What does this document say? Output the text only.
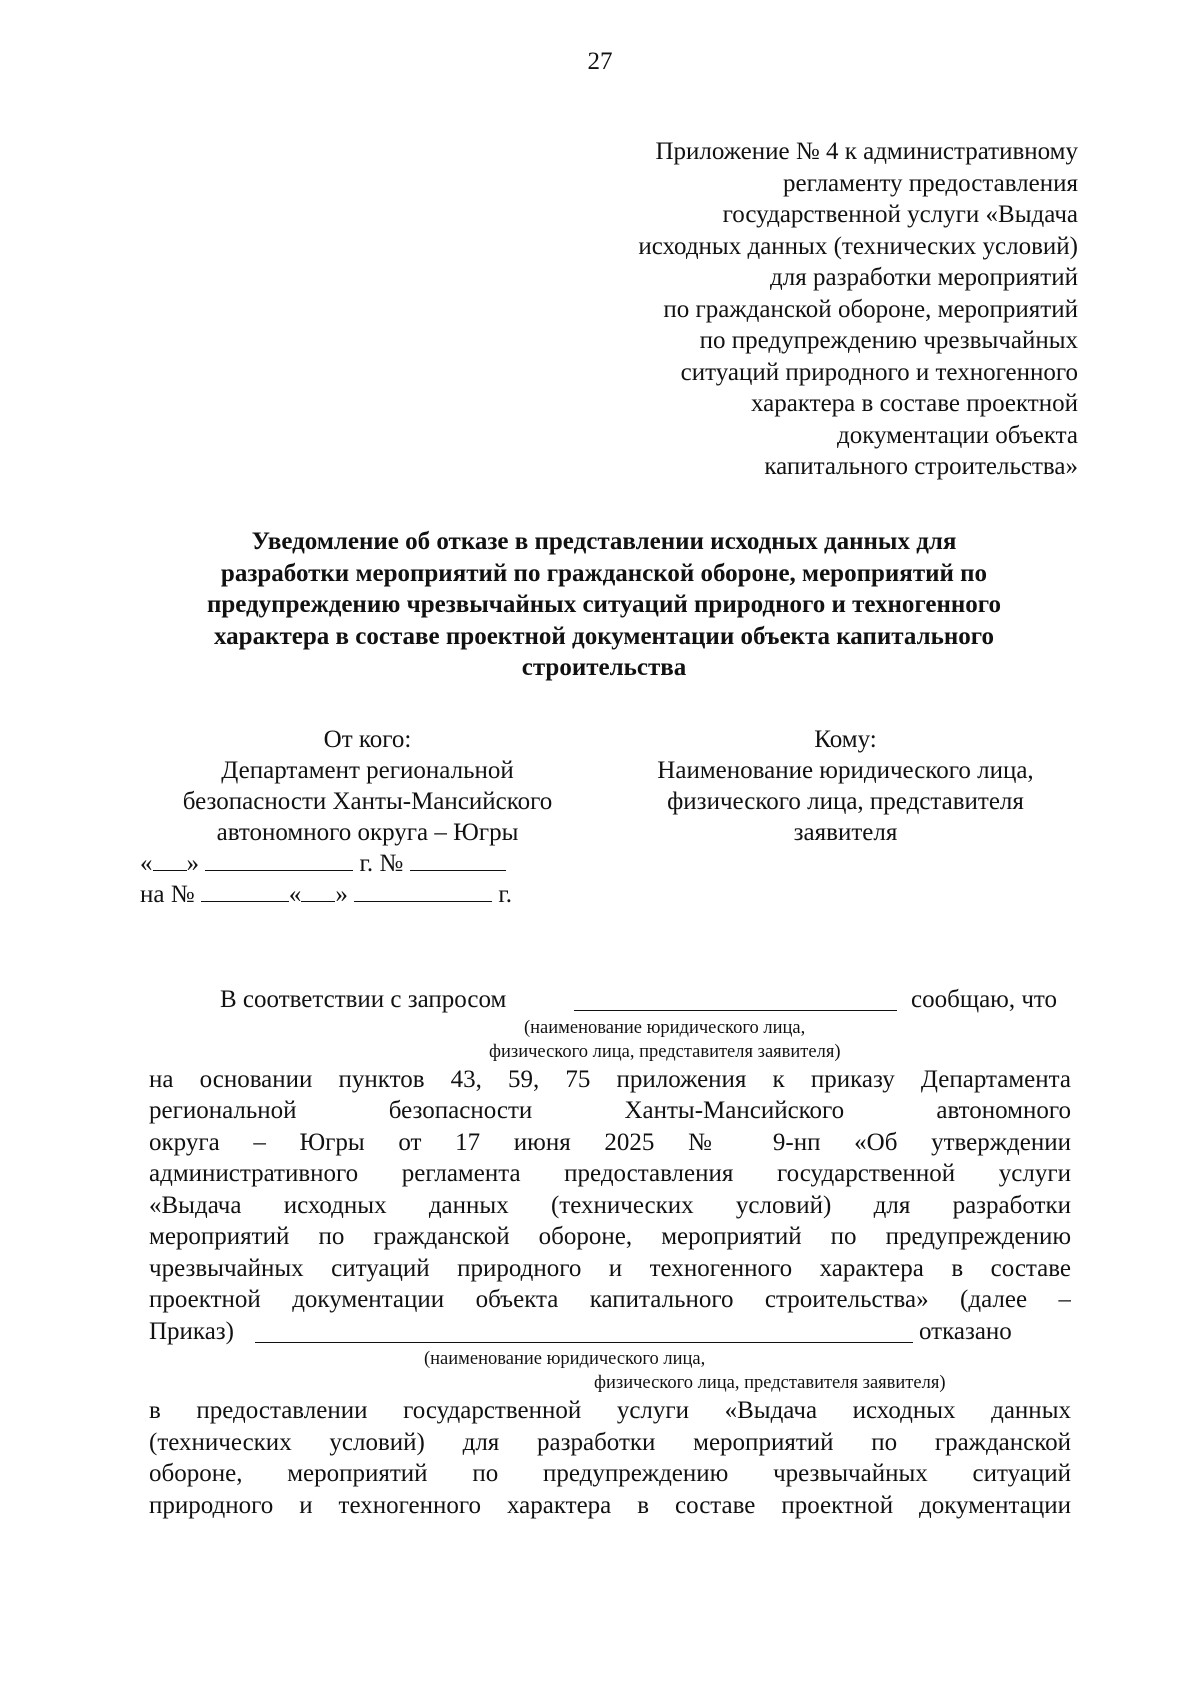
27
Приложение № 4 к административному
регламенту предоставления
государственной услуги «Выдача
исходных данных (технических условий)
для разработки мероприятий
по гражданской обороне, мероприятий
по предупреждению чрезвычайных
ситуаций природного и техногенного
характера в составе проектной
документации объекта
капитального строительства»
Уведомление об отказе в представлении исходных данных для
разработки мероприятий по гражданской обороне, мероприятий по
предупреждению чрезвычайных ситуаций природного и техногенного
характера в составе проектной документации объекта капитального
строительства
От кого:
Департамент региональной
безопасности Ханты-Мансийского
автономного округа – Югры
« »	г. №
на №	« »	г.
Кому:
Наименование юридического лица,
физического лица, представителя
заявителя
В соответствии с запросом	сообщаю, что
(наименование юридического лица,
физического лица, представителя заявителя)
на основании пунктов 43, 59, 75 приложения к приказу Департамента
региональной безопасности Ханты-Мансийского автономного
округа – Югры от 17 июня 2025 № 9-нп «Об утверждении
административного регламента предоставления государственной услуги
«Выдача исходных данных (технических условий) для разработки
мероприятий по гражданской обороне, мероприятий по предупреждению
чрезвычайных ситуаций природного и техногенного характера в составе
проектной документации объекта капитального строительства» (далее –
Приказ)	отказано
(наименование юридического лица,
физического лица, представителя заявителя)
в предоставлении государственной услуги «Выдача исходных данных
(технических условий) для разработки мероприятий по гражданской
обороне, мероприятий по предупреждению чрезвычайных ситуаций
природного и техногенного характера в составе проектной документации
